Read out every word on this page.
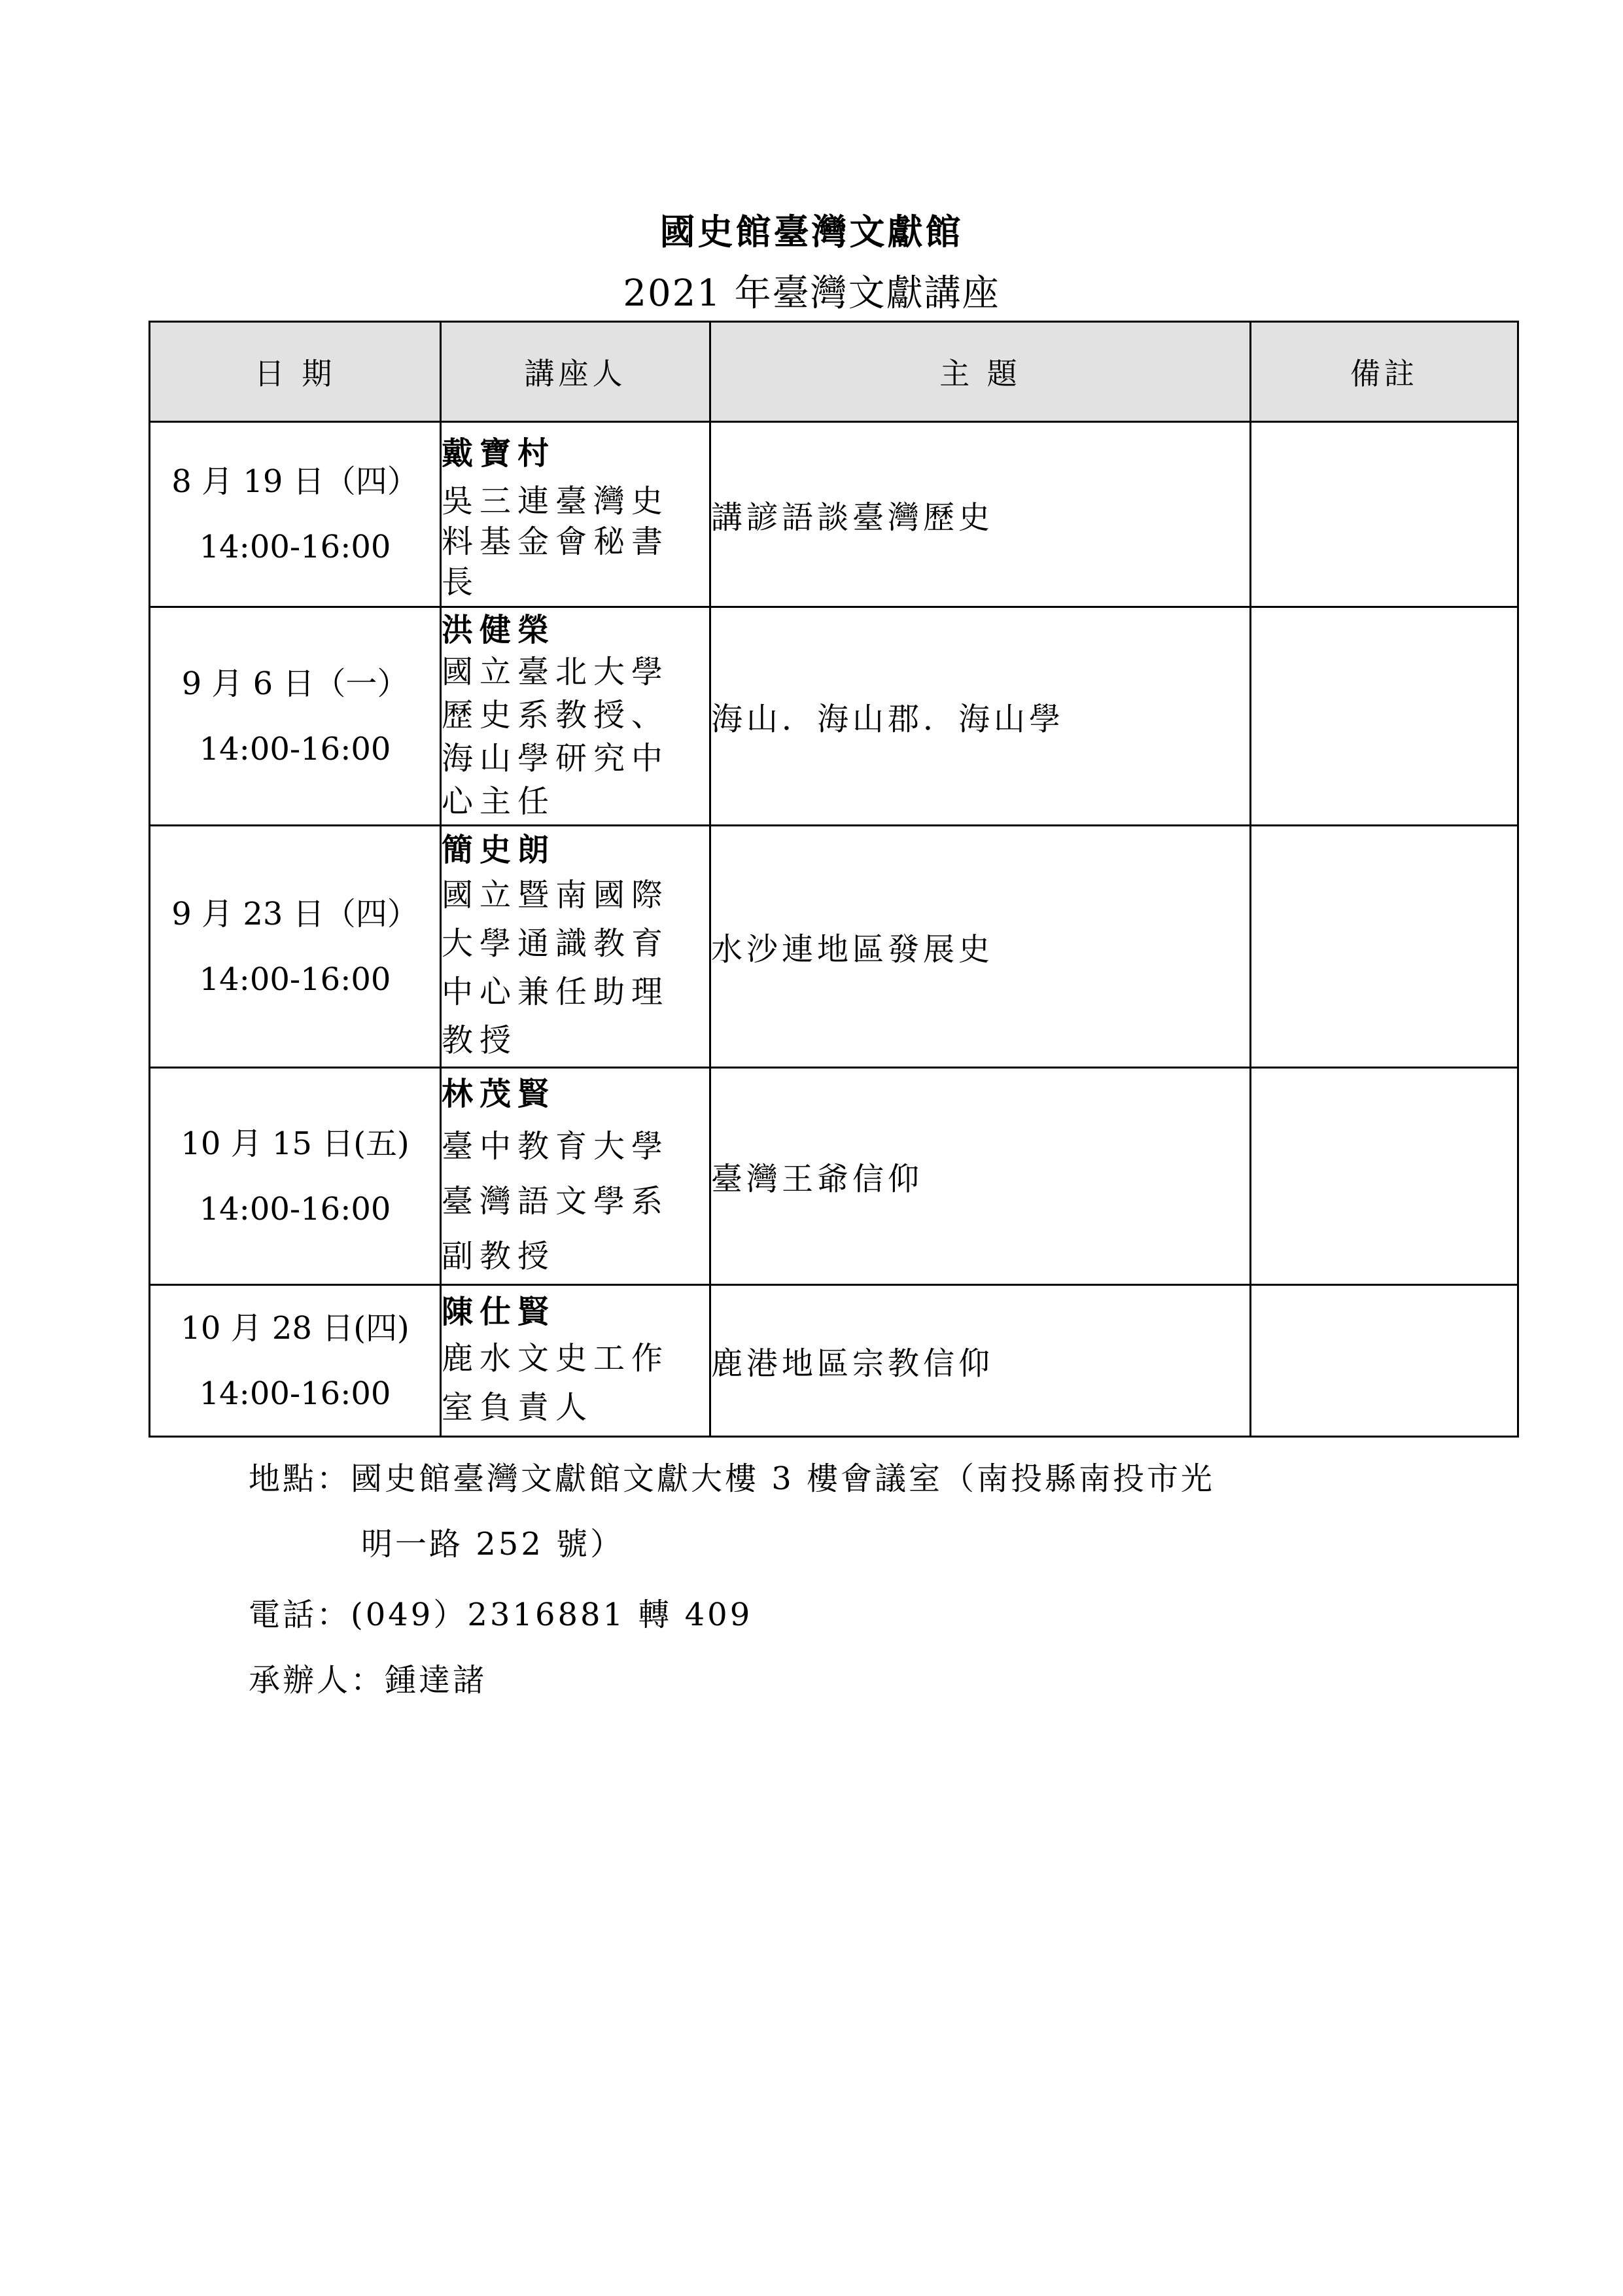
國史館臺灣文獻館
2021 年臺灣文獻講座
日 期	講座人	主 題	備註

8 月 19 日（四）
14:00-16:00	戴寶村
吳三連臺灣史
料基金會秘書
長	講諺語談臺灣歷史	

9 月 6 日（一）
14:00-16:00	洪健榮
國立臺北大學
歷史系教授、
海山學研究中
心主任	海山．海山郡．海山學	

9 月 23 日（四）
14:00-16:00	簡史朗
國立暨南國際
大學通識教育
中心兼任助理
教授	水沙連地區發展史	

10 月 15 日(五)
14:00-16:00	林茂賢
臺中教育大學
臺灣語文學系
副教授	臺灣王爺信仰	

10 月 28 日(四)
14:00-16:00	陳仕賢
鹿水文史工作
室負責人	鹿港地區宗教信仰	
地點：國史館臺灣文獻館文獻大樓 3 樓會議室（南投縣南投市光
明一路 252 號）
電話：(049）2316881 轉 409
承辦人：鍾達諸
